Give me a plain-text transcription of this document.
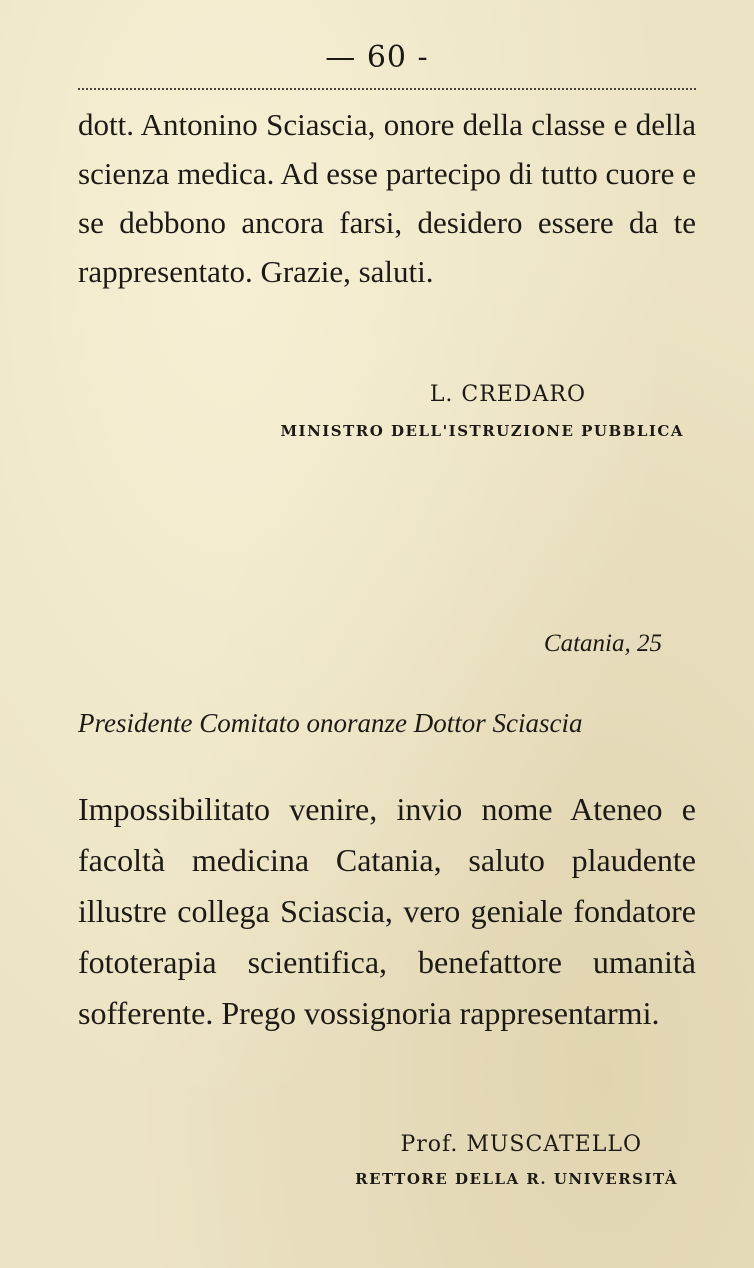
— 60 -

dott. Antonino Sciascia, onore della classe e della scienza medica. Ad esse partecipo di tutto cuore e se debbono ancora farsi, desidero essere da te rappresentato. Grazie, saluti.

L. CREDARO
MINISTRO DELL'ISTRUZIONE PUBBLICA
Catania, 25
Presidente Comitato onoranze Dottor Sciascia

Impossibilitato venire, invio nome Ateneo e facoltà medicina Catania, saluto plaudente illustre collega Sciascia, vero geniale fondatore fototerapia scientifica, benefattore umanità sofferente. Prego vossignoria rappresentarmi.

Prof. MUSCATELLO
RETTORE DELLA R. UNIVERSITÀ
